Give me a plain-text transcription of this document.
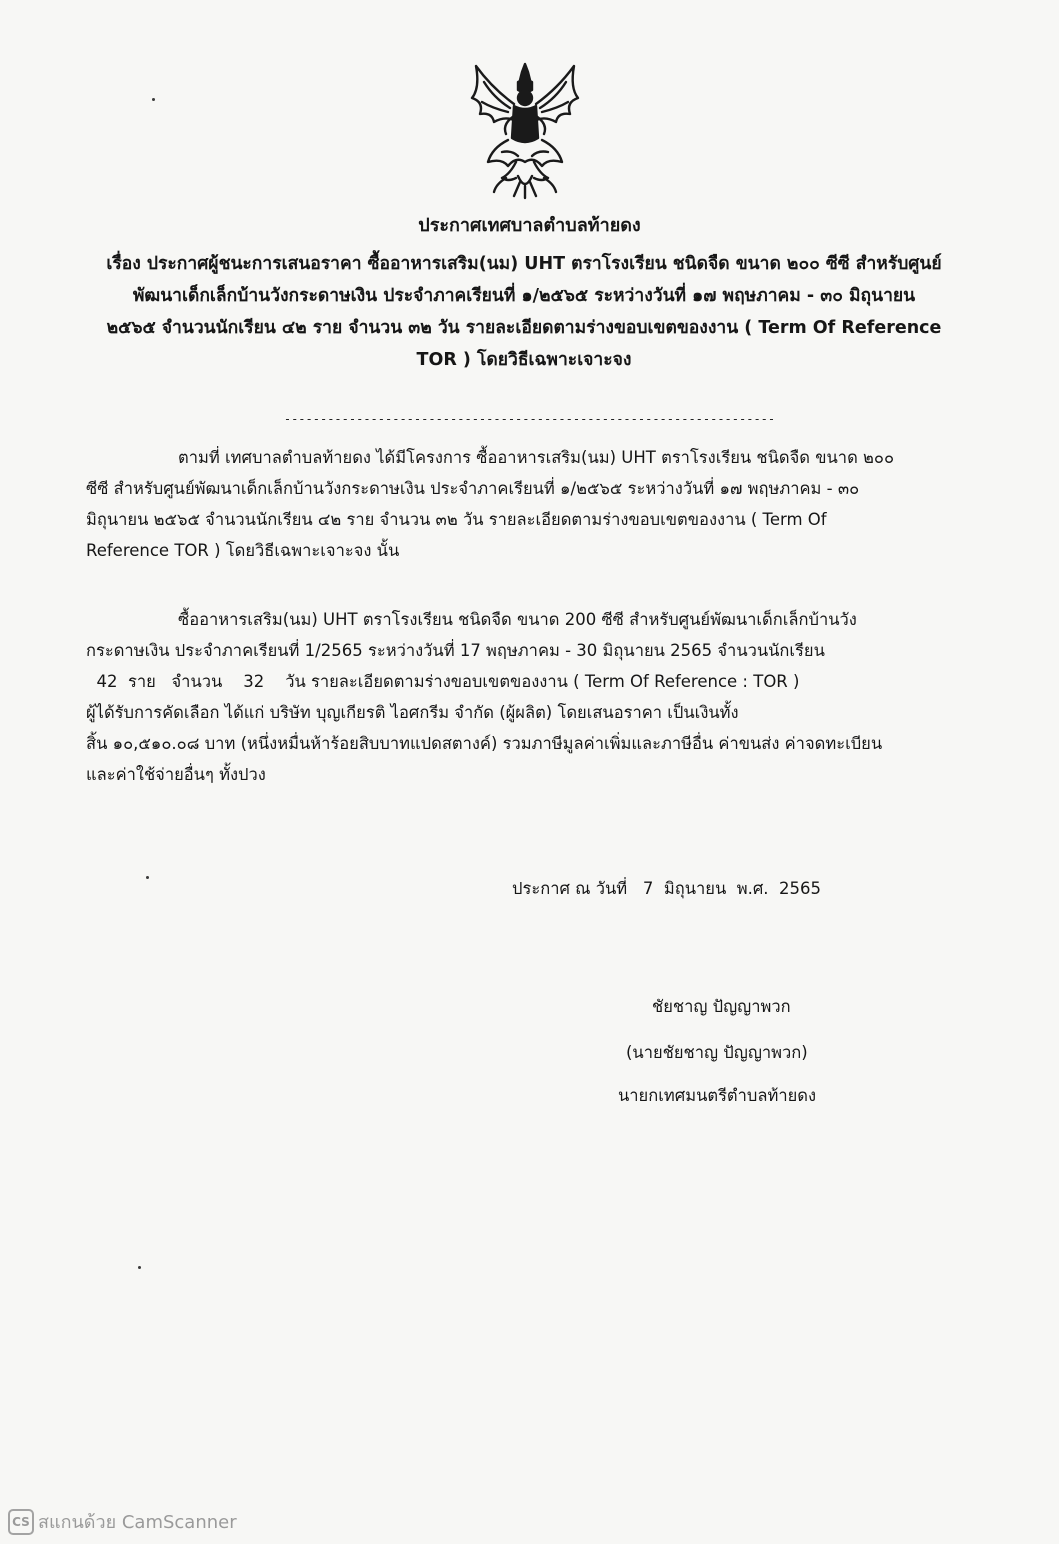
ประกาศเทศบาลตำบลท้ายดง

เรื่อง ประกาศผู้ชนะการเสนอราคา ซื้ออาหารเสริม(นม) UHT ตราโรงเรียน ชนิดจืด ขนาด ๒๐๐ ซีซี สำหรับศูนย์
พัฒนาเด็กเล็กบ้านวังกระดาษเงิน ประจำภาคเรียนที่ ๑/๒๕๖๕ ระหว่างวันที่ ๑๗ พฤษภาคม - ๓๐ มิถุนายน
๒๕๖๕ จำนวนนักเรียน ๔๒ ราย จำนวน ๓๒ วัน รายละเอียดตามร่างขอบเขตของงาน ( Term Of Reference
TOR ) โดยวิธีเฉพาะเจาะจง

--------------------------------------------------------------------
ตามที่ เทศบาลตำบลท้ายดง ได้มีโครงการ ซื้ออาหารเสริม(นม) UHT ตราโรงเรียน ชนิดจืด ขนาด ๒๐๐
ซีซี สำหรับศูนย์พัฒนาเด็กเล็กบ้านวังกระดาษเงิน ประจำภาคเรียนที่ ๑/๒๕๖๕ ระหว่างวันที่ ๑๗ พฤษภาคม - ๓๐
มิถุนายน ๒๕๖๕ จำนวนนักเรียน ๔๒ ราย จำนวน ๓๒ วัน รายละเอียดตามร่างขอบเขตของงาน ( Term Of
Reference TOR ) โดยวิธีเฉพาะเจาะจง นั้น
ซื้ออาหารเสริม(นม) UHT ตราโรงเรียน ชนิดจืด ขนาด 200 ซีซี สำหรับศูนย์พัฒนาเด็กเล็กบ้านวัง
กระดาษเงิน ประจำภาคเรียนที่ 1/2565 ระหว่างวันที่ 17 พฤษภาคม - 30 มิถุนายน 2565 จำนวนนักเรียน
42  ราย   จำนวน    32    วัน รายละเอียดตามร่างขอบเขตของงาน ( Term Of Reference : TOR )
ผู้ได้รับการคัดเลือก ได้แก่ บริษัท บุญเกียรติ ไอศกรีม จำกัด (ผู้ผลิต) โดยเสนอราคา เป็นเงินทั้ง
สิ้น ๑๐,๕๑๐.๐๘ บาท (หนึ่งหมื่นห้าร้อยสิบบาทแปดสตางค์) รวมภาษีมูลค่าเพิ่มและภาษีอื่น ค่าขนส่ง ค่าจดทะเบียน
และค่าใช้จ่ายอื่นๆ ทั้งปวง
ประกาศ ณ วันที่   7  มิถุนายน  พ.ศ.  2565
ชัยชาญ ปัญญาพวก
(นายชัยชาญ ปัญญาพวก)
นายกเทศมนตรีตำบลท้ายดง
CS สแกนด้วย CamScanner
